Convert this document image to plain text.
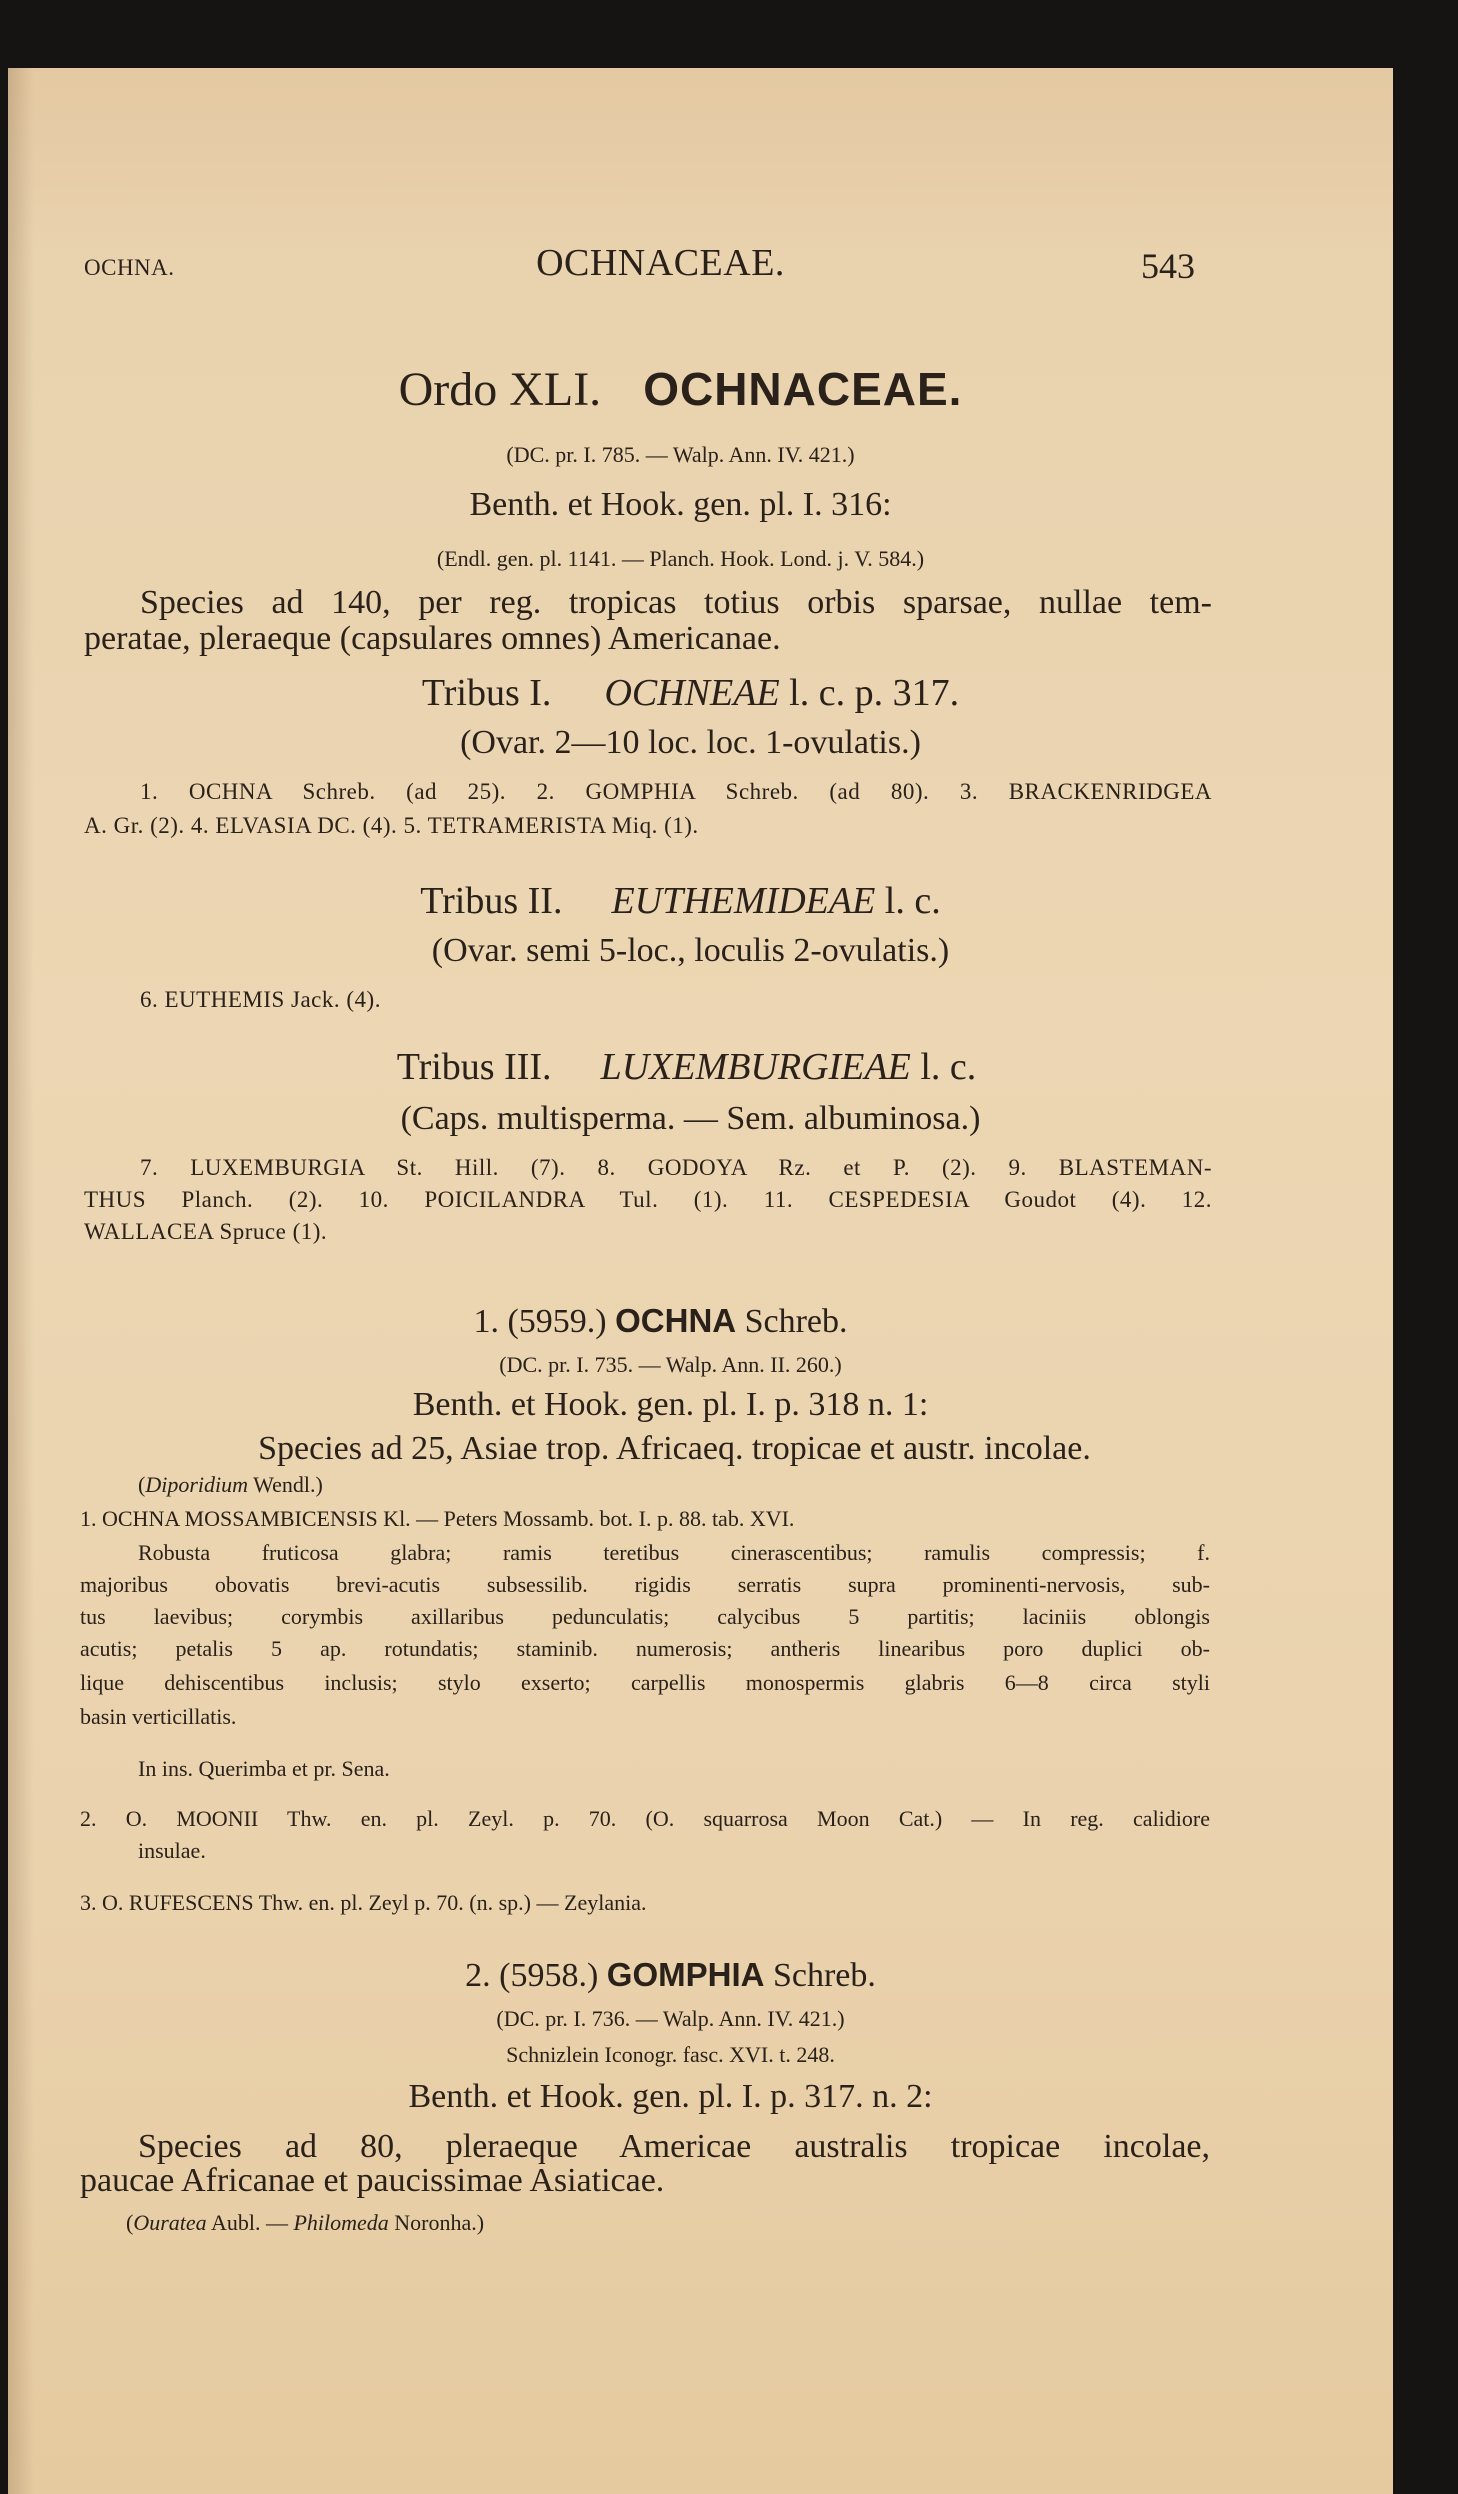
OCHNA.	OCHNACEAE.	543
Ordo XLI. OCHNACEAE.
(DC. pr. I. 785. — Walp. Ann. IV. 421.)
Benth. et Hook. gen. pl. I. 316:
(Endl. gen. pl. 1141. — Planch. Hook. Lond. j. V. 584.)
Species ad 140, per reg. tropicas totius orbis sparsae, nullae tem-
peratae, pleraeque (capsulares omnes) Americanae.
Tribus I. OCHNEAE l. c. p. 317.
(Ovar. 2—10 loc. loc. 1-ovulatis.)
1. OCHNA Schreb. (ad 25). 2. GOMPHIA Schreb. (ad 80). 3. BRACKENRIDGEA
A. Gr. (2). 4. ELVASIA DC. (4). 5. TETRAMERISTA Miq. (1).
Tribus II. EUTHEMIDEAE l. c.
(Ovar. semi 5-loc., loculis 2-ovulatis.)
6. EUTHEMIS Jack. (4).
Tribus III. LUXEMBURGIEAE l. c.
(Caps. multisperma. — Sem. albuminosa.)
7. LUXEMBURGIA St. Hill. (7). 8. GODOYA Rz. et P. (2). 9. BLASTEMAN-
THUS Planch. (2). 10. POICILANDRA Tul. (1). 11. CESPEDESIA Goudot (4). 12.
WALLACEA Spruce (1).
1. (5959.) OCHNA Schreb.
(DC. pr. I. 735. — Walp. Ann. II. 260.)
Benth. et Hook. gen. pl. I. p. 318 n. 1:
Species ad 25, Asiae trop. Africaeq. tropicae et austr. incolae.
(Diporidium Wendl.)
1. OCHNA MOSSAMBICENSIS Kl. — Peters Mossamb. bot. I. p. 88. tab. XVI.
Robusta fruticosa glabra; ramis teretibus cinerascentibus; ramulis compressis; f.
majoribus obovatis brevi-acutis subsessilib. rigidis serratis supra prominenti-nervosis, sub-
tus laevibus; corymbis axillaribus pedunculatis; calycibus 5 partitis; laciniis oblongis
acutis; petalis 5 ap. rotundatis; staminib. numerosis; antheris linearibus poro duplici ob-
lique dehiscentibus inclusis; stylo exserto; carpellis monospermis glabris 6—8 circa styli
basin verticillatis.
In ins. Querimba et pr. Sena.
2. O. MOONII Thw. en. pl. Zeyl. p. 70. (O. squarrosa Moon Cat.) — In reg. calidiore
insulae.
3. O. RUFESCENS Thw. en. pl. Zeyl p. 70. (n. sp.) — Zeylania.
2. (5958.) GOMPHIA Schreb.
(DC. pr. I. 736. — Walp. Ann. IV. 421.)
Schnizlein Iconogr. fasc. XVI. t. 248.
Benth. et Hook. gen. pl. I. p. 317. n. 2:
Species ad 80, pleraeque Americae australis tropicae incolae,
paucae Africanae et paucissimae Asiaticae.
(Ouratea Aubl. — Philomeda Noronha.)
